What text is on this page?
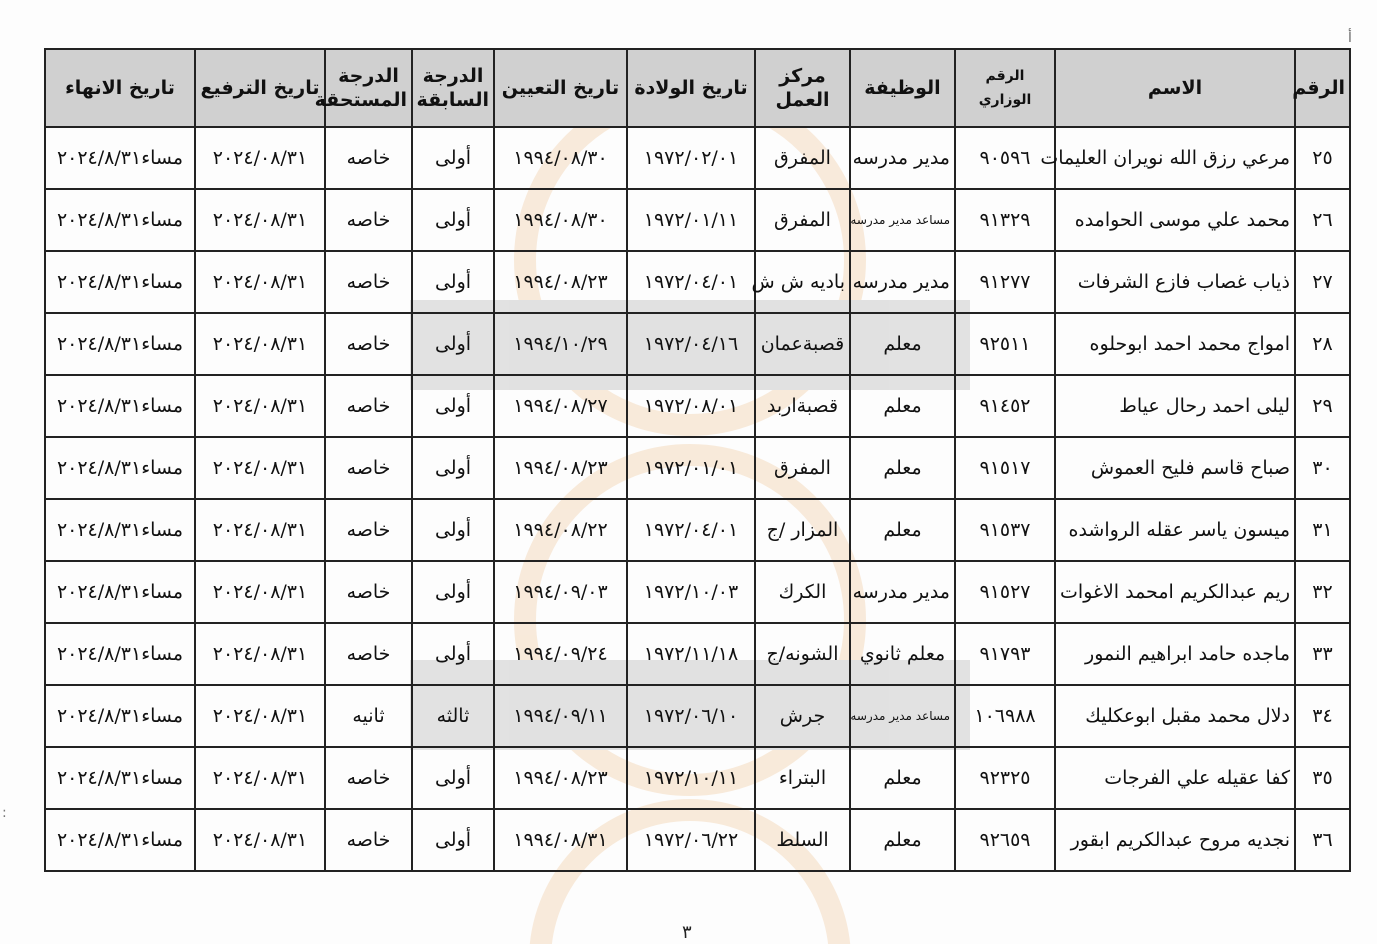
أ
:
الرقم	الاسم	الرقم الوزاري	الوظيفة	مركز العمل	تاريخ الولادة	تاريخ التعيين	الدرجة السابقة	الدرجة المستحقة	تاريخ الترفيع	تاريخ الانهاء
٢٥	مرعي رزق الله نويران العليمات	٩٠٥٩٦	مدير مدرسه	المفرق	١٩٧٢/٠٢/٠١	١٩٩٤/٠٨/٣٠	أولى	خاصه	٢٠٢٤/٠٨/٣١	مساء٢٠٢٤/٨/٣١
٢٦	محمد علي موسى الحوامده	٩١٣٢٩	مساعد مدير مدرسه	المفرق	١٩٧٢/٠١/١١	١٩٩٤/٠٨/٣٠	أولى	خاصه	٢٠٢٤/٠٨/٣١	مساء٢٠٢٤/٨/٣١
٢٧	ذياب غصاب فازع الشرفات	٩١٢٧٧	مدير مدرسه	باديه ش ش	١٩٧٢/٠٤/٠١	١٩٩٤/٠٨/٢٣	أولى	خاصه	٢٠٢٤/٠٨/٣١	مساء٢٠٢٤/٨/٣١
٢٨	امواج محمد احمد ابوحلوه	٩٢٥١١	معلم	قصبةعمان	١٩٧٢/٠٤/١٦	١٩٩٤/١٠/٢٩	أولى	خاصه	٢٠٢٤/٠٨/٣١	مساء٢٠٢٤/٨/٣١
٢٩	ليلى احمد رحال عياط	٩١٤٥٢	معلم	قصبةاربد	١٩٧٢/٠٨/٠١	١٩٩٤/٠٨/٢٧	أولى	خاصه	٢٠٢٤/٠٨/٣١	مساء٢٠٢٤/٨/٣١
٣٠	صباح قاسم فليح العموش	٩١٥١٧	معلم	المفرق	١٩٧٢/٠١/٠١	١٩٩٤/٠٨/٢٣	أولى	خاصه	٢٠٢٤/٠٨/٣١	مساء٢٠٢٤/٨/٣١
٣١	ميسون ياسر عقله الرواشده	٩١٥٣٧	معلم	المزار /ج	١٩٧٢/٠٤/٠١	١٩٩٤/٠٨/٢٢	أولى	خاصه	٢٠٢٤/٠٨/٣١	مساء٢٠٢٤/٨/٣١
٣٢	ريم عبدالكريم امحمد الاغوات	٩١٥٢٧	مدير مدرسه	الكرك	١٩٧٢/١٠/٠٣	١٩٩٤/٠٩/٠٣	أولى	خاصه	٢٠٢٤/٠٨/٣١	مساء٢٠٢٤/٨/٣١
٣٣	ماجده حامد ابراهيم النمور	٩١٧٩٣	معلم ثانوي	الشونه/ج	١٩٧٢/١١/١٨	١٩٩٤/٠٩/٢٤	أولى	خاصه	٢٠٢٤/٠٨/٣١	مساء٢٠٢٤/٨/٣١
٣٤	دلال محمد مقبل ابوعكليك	١٠٦٩٨٨	مساعد مدير مدرسه	جرش	١٩٧٢/٠٦/١٠	١٩٩٤/٠٩/١١	ثالثه	ثانيه	٢٠٢٤/٠٨/٣١	مساء٢٠٢٤/٨/٣١
٣٥	كفا عقيله علي الفرجات	٩٢٣٢٥	معلم	البتراء	١٩٧٢/١٠/١١	١٩٩٤/٠٨/٢٣	أولى	خاصه	٢٠٢٤/٠٨/٣١	مساء٢٠٢٤/٨/٣١
٣٦	نجديه مروح عبدالكريم ابقور	٩٢٦٥٩	معلم	السلط	١٩٧٢/٠٦/٢٢	١٩٩٤/٠٨/٣١	أولى	خاصه	٢٠٢٤/٠٨/٣١	مساء٢٠٢٤/٨/٣١
٣
